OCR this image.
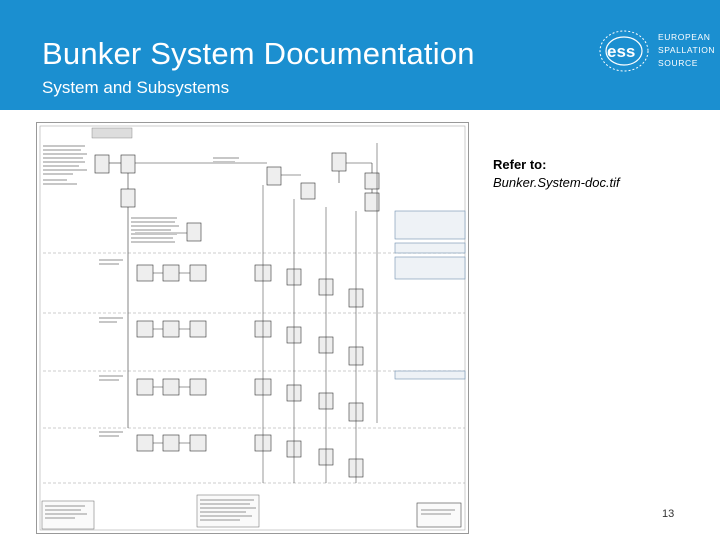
Bunker System Documentation
System and Subsystems
ess
EUROPEAN
SPALLATION
SOURCE
Refer to:
Bunker.System-doc.tif
13
